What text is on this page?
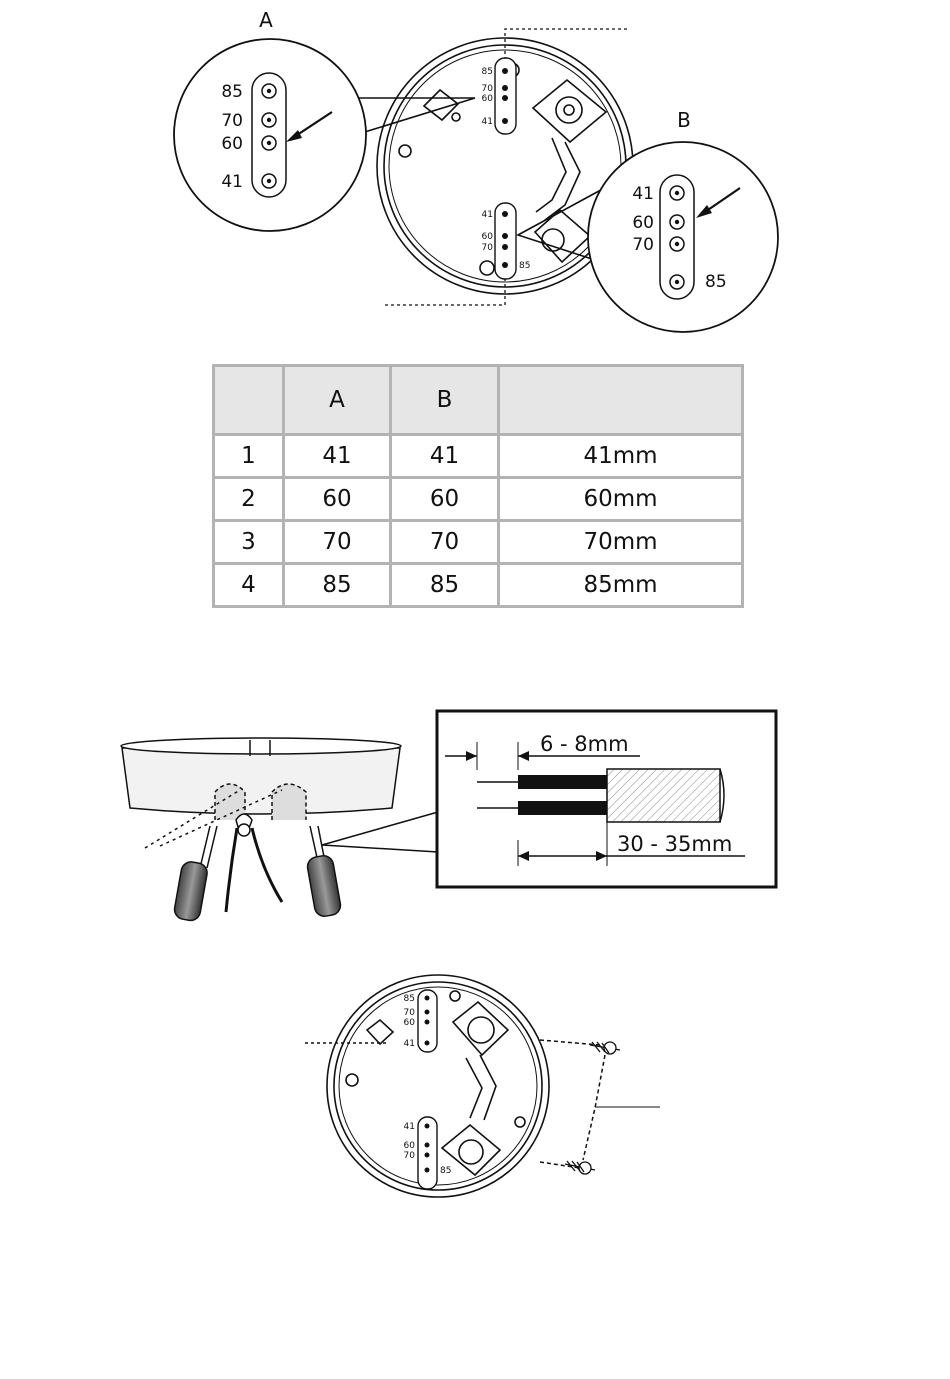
85
70
60
41
41
60
70
85
85
70
60
41
A
41
60
70
85
B
	A	B	
1	41	41	41mm
2	60	60	60mm
3	70	70	70mm
4	85	85	85mm
6 - 8mm
30 - 35mm
85
70
60
41
41
60
70
85
